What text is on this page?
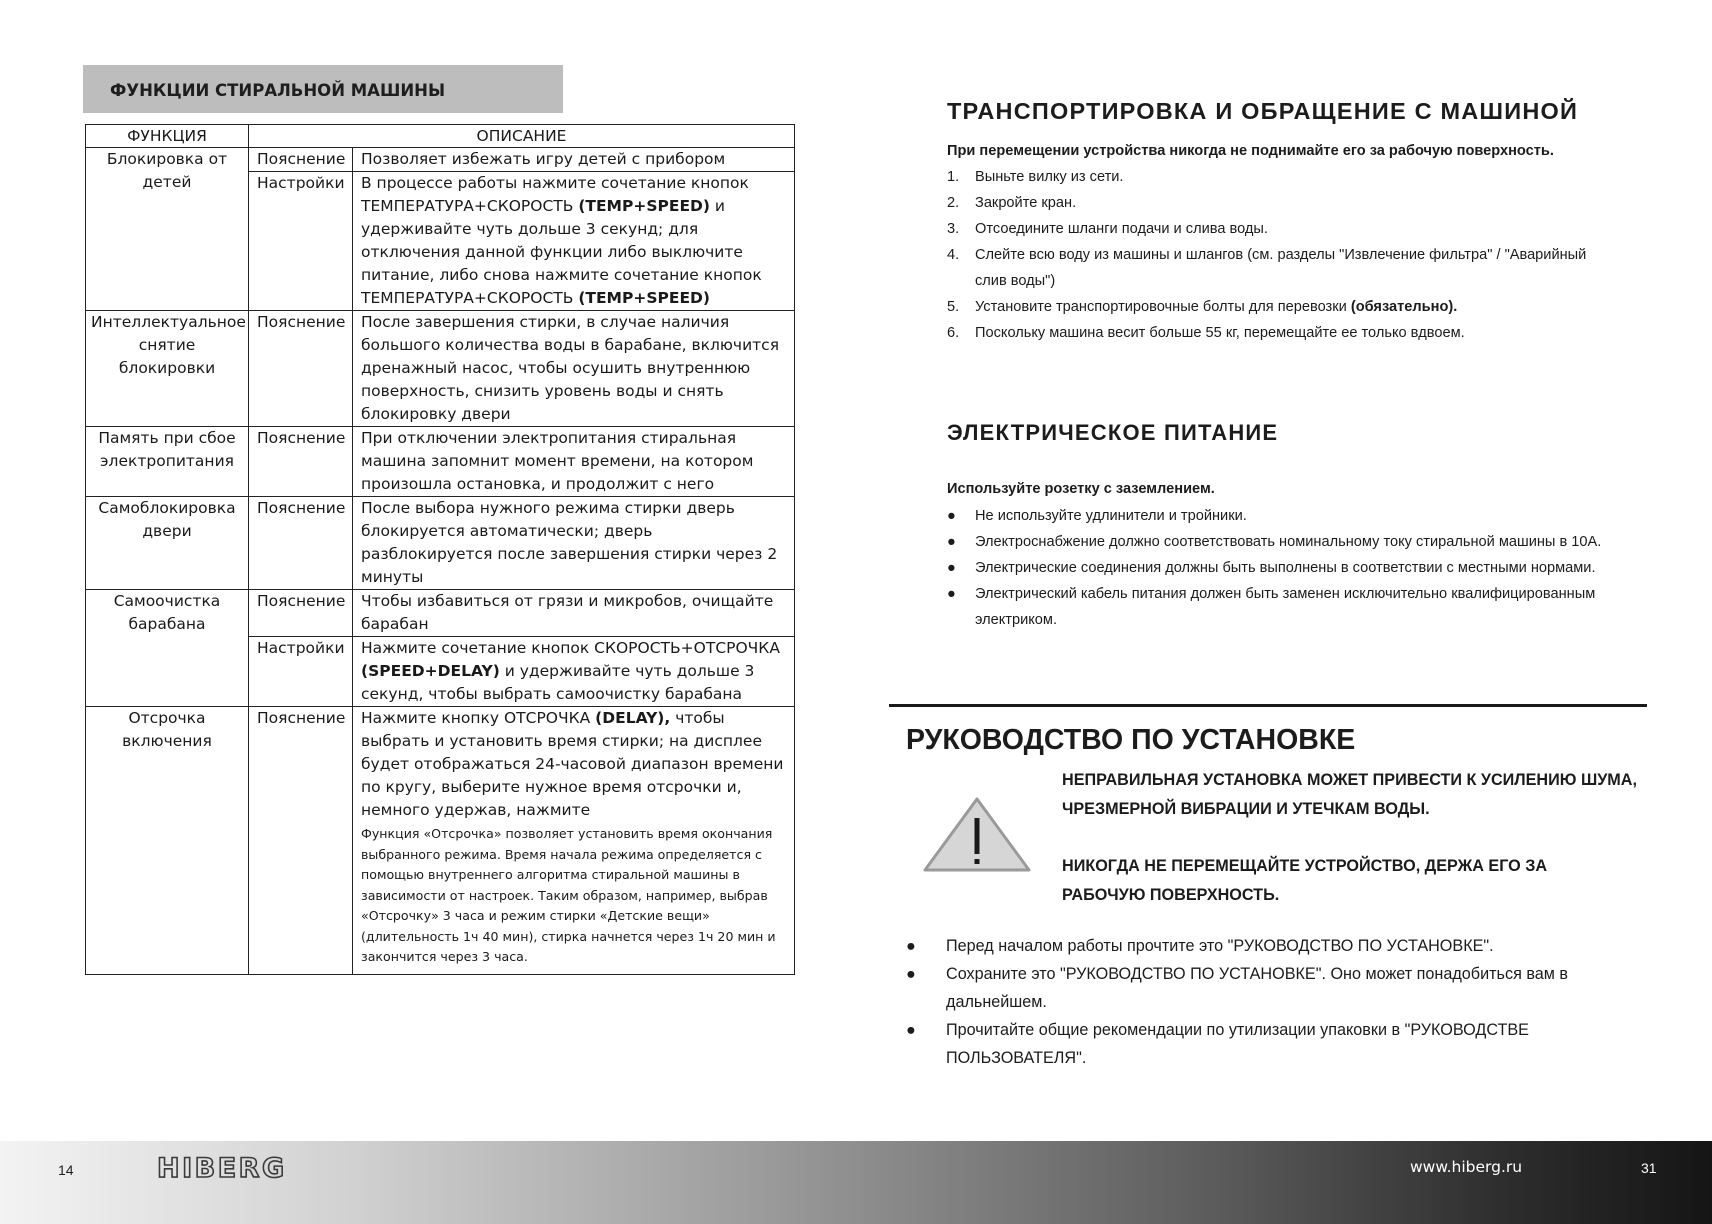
ФУНКЦИИ СТИРАЛЬНОЙ МАШИНЫ
ФУНКЦИЯ	ОПИСАНИЕ	
Блокировка от детей	Пояснение	Позволяет избежать игру детей с прибором
	Настройки	В процессе работы нажмите сочетание кнопок ТЕМПЕРАТУРА+СКОРОСТЬ (TEMP+SPEED) и удерживайте чуть дольше 3 секунд; для отключения данной функции либо выключите питание, либо снова нажмите сочетание кнопок ТЕМПЕРАТУРА+СКОРОСТЬ (TEMP+SPEED)
Интеллектуальное снятие блокировки	Пояснение	После завершения стирки, в случае наличия большого количества воды в барабане, включится дренажный насос, чтобы осушить внутреннюю поверхность, снизить уровень воды и снять блокировку двери
Память при сбое электропитания	Пояснение	При отключении электропитания стиральная машина запомнит момент времени, на котором произошла остановка, и продолжит с него
Самоблокировка двери	Пояснение	После выбора нужного режима стирки дверь блокируется автоматически; дверь разблокируется после завершения стирки через 2 минуты
Самоочистка барабана	Пояснение	Чтобы избавиться от грязи и микробов, очищайте барабан
	Настройки	Нажмите сочетание кнопок СКОРОСТЬ+ОТСРОЧКА (SPEED+DELAY) и удерживайте чуть дольше 3 секунд, чтобы выбрать самоочистку барабана
Отсрочка включения	Пояснение	Нажмите кнопку ОТСРОЧКА (DELAY), чтобы выбрать и установить время стирки; на дисплее будет отображаться 24-часовой диапазон времени по кругу, выберите нужное время отсрочки и, немного удержав, нажмите
Функция «Отсрочка» позволяет установить время окончания выбранного режима. Время начала режима определяется с помощью внутреннего алгоритма стиральной машины в зависимости от настроек. Таким образом, например, выбрав «Отсрочку» 3 часа и режим стирки «Детские вещи» (длительность 1ч 40 мин), стирка начнется через 1ч 20 мин и закончится через 3 часа.
ТРАНСПОРТИРОВКА И ОБРАЩЕНИЕ С МАШИНОЙ
При перемещении устройства никогда не поднимайте его за рабочую поверхность.
1. Выньте вилку из сети.
2. Закройте кран.
3. Отсоедините шланги подачи и слива воды.
4. Слейте всю воду из машины и шлангов (см. разделы "Извлечение фильтра" / "Аварийный слив воды")
5. Установите транспортировочные болты для перевозки (обязательно).
6. Поскольку машина весит больше 55 кг, перемещайте ее только вдвоем.
ЭЛЕКТРИЧЕСКОЕ ПИТАНИЕ
Используйте розетку с заземлением.
● Не используйте удлинители и тройники.
● Электроснабжение должно соответствовать номинальному току стиральной машины в 10А.
● Электрические соединения должны быть выполнены в соответствии с местными нормами.
● Электрический кабель питания должен быть заменен исключительно квалифицированным электриком.
РУКОВОДСТВО ПО УСТАНОВКЕ
НЕПРАВИЛЬНАЯ УСТАНОВКА МОЖЕТ ПРИВЕСТИ К УСИЛЕНИЮ ШУМА, ЧРЕЗМЕРНОЙ ВИБРАЦИИ И УТЕЧКАМ ВОДЫ.
НИКОГДА НЕ ПЕРЕМЕЩАЙТЕ УСТРОЙСТВО, ДЕРЖА ЕГО ЗА РАБОЧУЮ ПОВЕРХНОСТЬ.
● Перед началом работы прочтите это "РУКОВОДСТВО ПО УСТАНОВКЕ".
● Сохраните это "РУКОВОДСТВО ПО УСТАНОВКЕ". Оно может понадобиться вам в дальнейшем.
● Прочитайте общие рекомендации по утилизации упаковки в "РУКОВОДСТВЕ ПОЛЬЗОВАТЕЛЯ".
14	HIBERG	www.hiberg.ru	31
